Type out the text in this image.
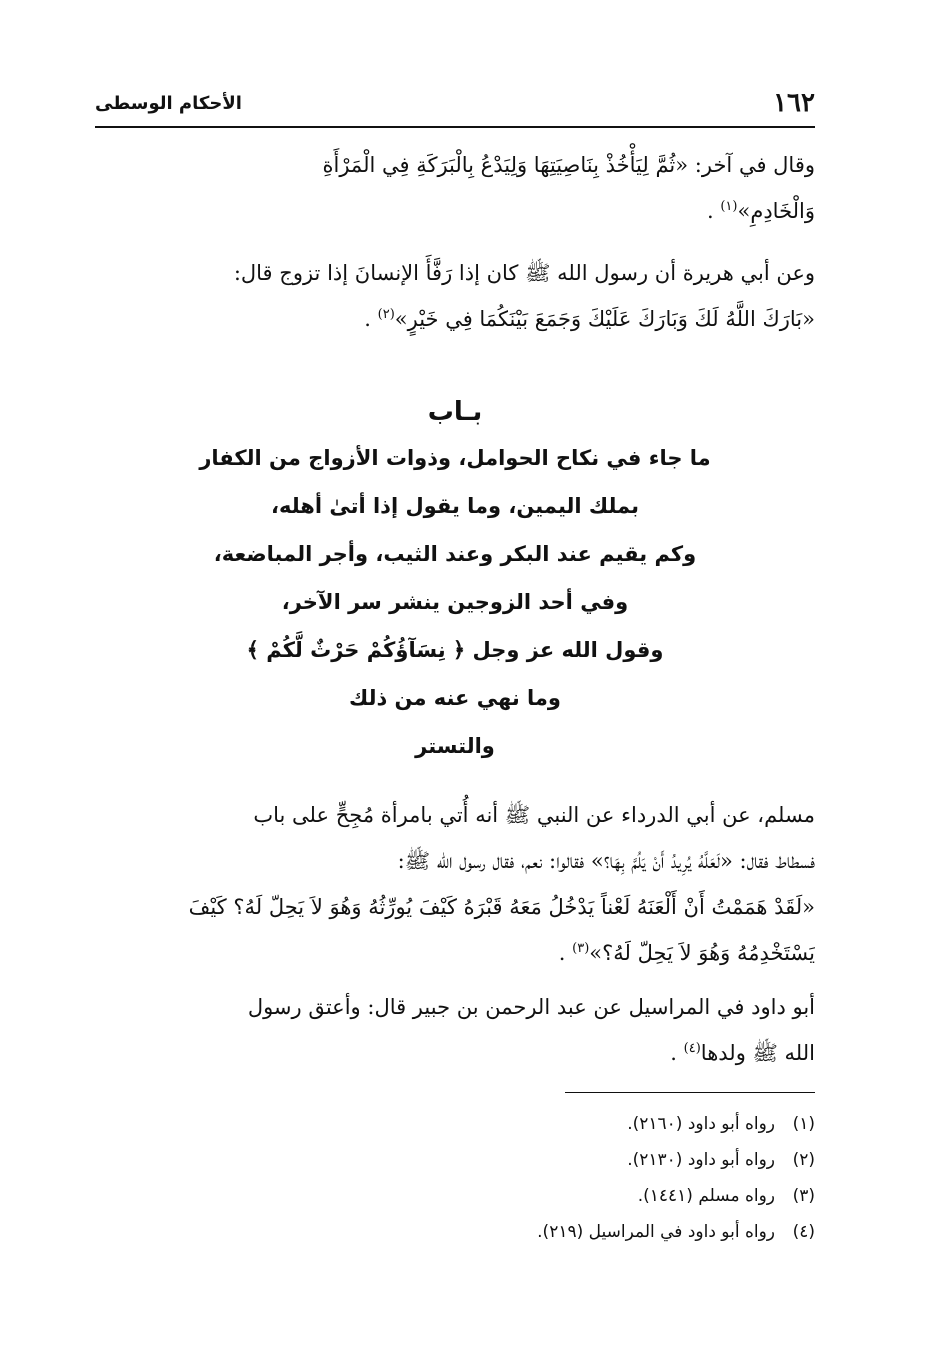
١٦٢
الأحكام الوسطى

وقال في آخر: «ثُمَّ لِيَأْخُذْ بِنَاصِيَتِهَا وَلِيَدْعُ بِالْبَرَكَةِ فِي الْمَرْأَةِ
وَالْخَادِمِ»$^{(١)}$ .

وعن أبي هريرة أن رسول الله ﷺ كان إذا رَفَّأَ الإنسانَ إذا تزوج قال:
«بَارَكَ اللَّهُ لَكَ وَبَارَكَ عَلَيْكَ وَجَمَعَ بَيْنَكُمَا فِي خَيْرٍ»$^{(٢)}$ .

بـاب
ما جاء في نكاح الحوامل، وذوات الأزواج من الكفار
بملك اليمين، وما يقول إذا أتىٰ أهله،
وكم يقيم عند البكر وعند الثيب، وأجر المباضعة،
وفي أحد الزوجين ينشر سر الآخر،
وقول الله عز وجل ﴿ نِسَآؤُكُمْ حَرْثٌ لَّكُمْ ﴾
وما نهي عنه من ذلك
والتستر

مسلم، عن أبي الدرداء عن النبي ﷺ أنه أُتي بامرأة مُجِحٍّ على باب
فسطاط فقال: «لَعَلَّهُ يُرِيدُ أَنْ يَلُمَّ بِهَا؟» فقالوا: نعم، فقال رسول الله ﷺ:
«لَقَدْ هَمَمْتُ أَنْ أَلْعَنَهُ لَعْناً يَدْخُلُ مَعَهُ قَبْرَهُ كَيْفَ يُورِّثُهُ وَهُوَ لاَ يَحِلّ لَهُ؟ كَيْفَ
يَسْتَخْدِمُهُ وَهُوَ لاَ يَحِلّ لَهُ؟»$^{(٣)}$ .

أبو داود في المراسيل عن عبد الرحمن بن جبير قال: وأعتق رسول
الله ﷺ ولدها$^{(٤)}$ .

(١)رواه أبو داود (٢١٦٠).
(٢)رواه أبو داود (٢١٣٠).
(٣)رواه مسلم (١٤٤١).
(٤)رواه أبو داود في المراسيل (٢١٩).
